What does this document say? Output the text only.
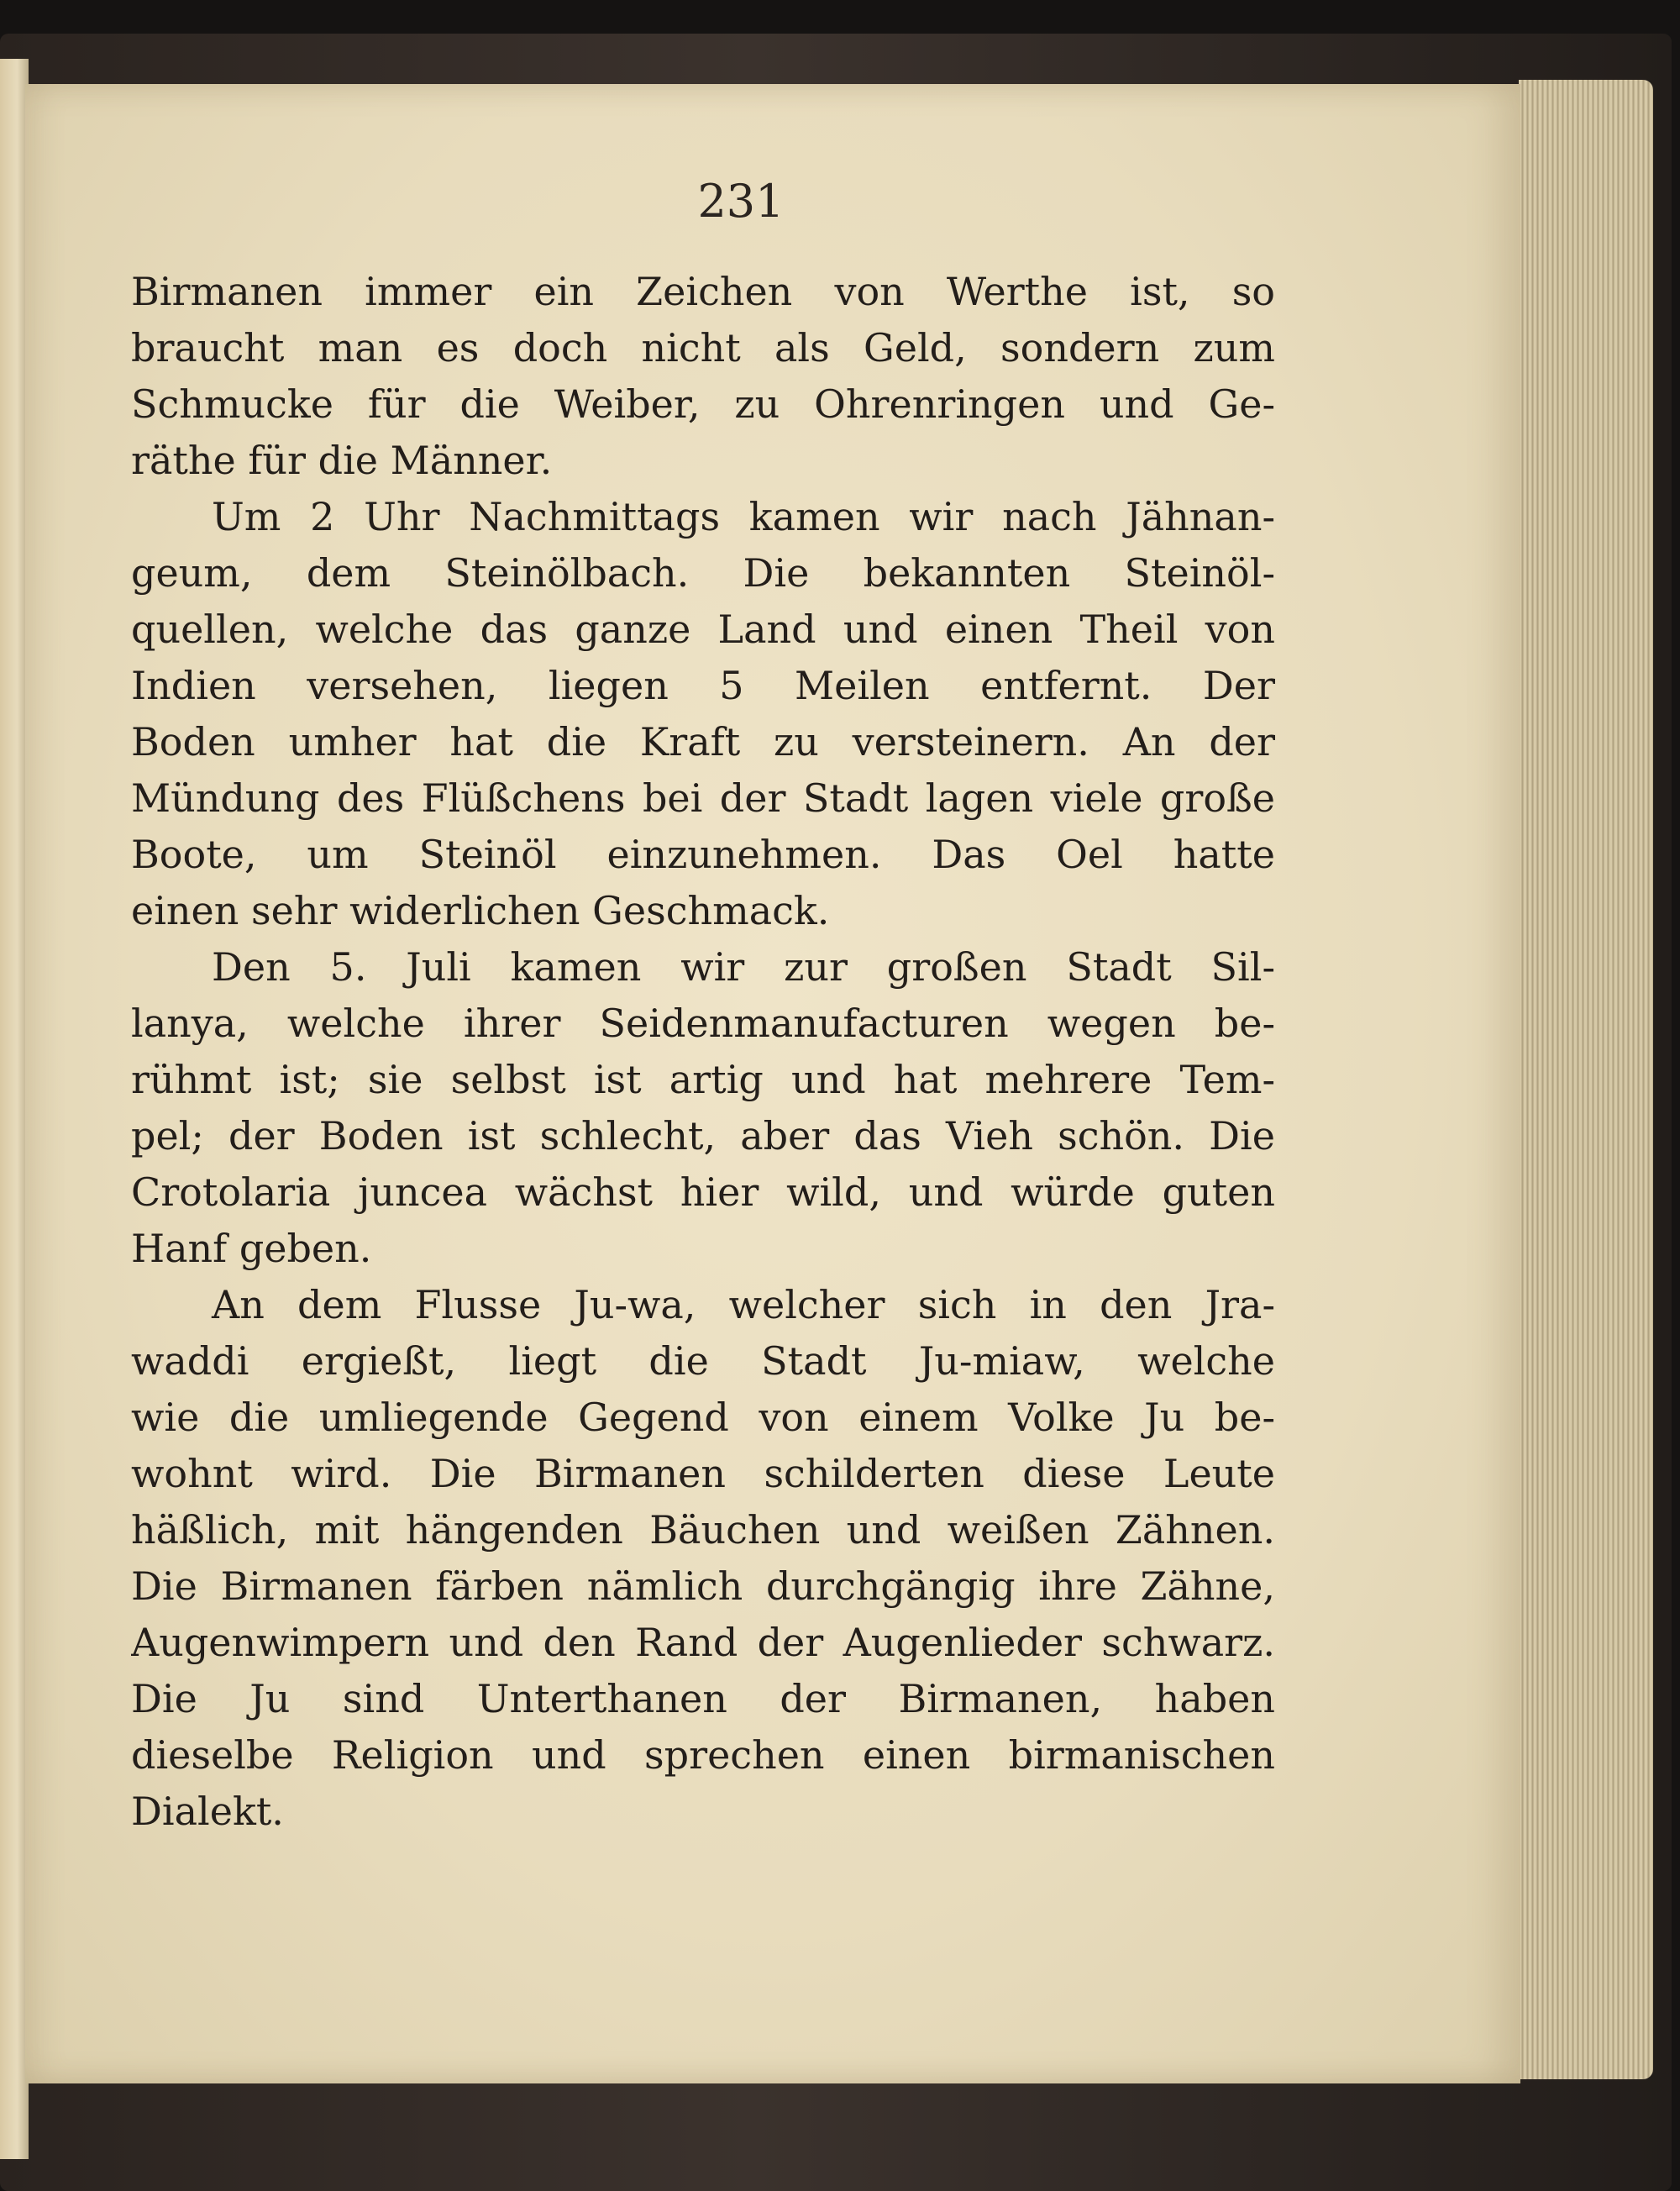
231
Birmanen immer ein Zeichen von Werthe ist, so
braucht man es doch nicht als Geld, sondern zum
Schmucke für die Weiber, zu Ohrenringen und Ge-
räthe für die Männer.
Um 2 Uhr Nachmittags kamen wir nach Jähnan-
geum, dem Steinölbach. Die bekannten Steinöl-
quellen, welche das ganze Land und einen Theil von
Indien versehen, liegen 5 Meilen entfernt. Der
Boden umher hat die Kraft zu versteinern. An der
Mündung des Flüßchens bei der Stadt lagen viele große
Boote, um Steinöl einzunehmen. Das Oel hatte
einen sehr widerlichen Geschmack.
Den 5. Juli kamen wir zur großen Stadt Sil-
lanya, welche ihrer Seidenmanufacturen wegen be-
rühmt ist; sie selbst ist artig und hat mehrere Tem-
pel; der Boden ist schlecht, aber das Vieh schön. Die
Crotolaria juncea wächst hier wild, und würde guten
Hanf geben.
An dem Flusse Ju-wa, welcher sich in den Jra-
waddi ergießt, liegt die Stadt Ju-miaw, welche
wie die umliegende Gegend von einem Volke Ju be-
wohnt wird. Die Birmanen schilderten diese Leute
häßlich, mit hängenden Bäuchen und weißen Zähnen.
Die Birmanen färben nämlich durchgängig ihre Zähne,
Augenwimpern und den Rand der Augenlieder schwarz.
Die Ju sind Unterthanen der Birmanen, haben
dieselbe Religion und sprechen einen birmanischen
Dialekt.
